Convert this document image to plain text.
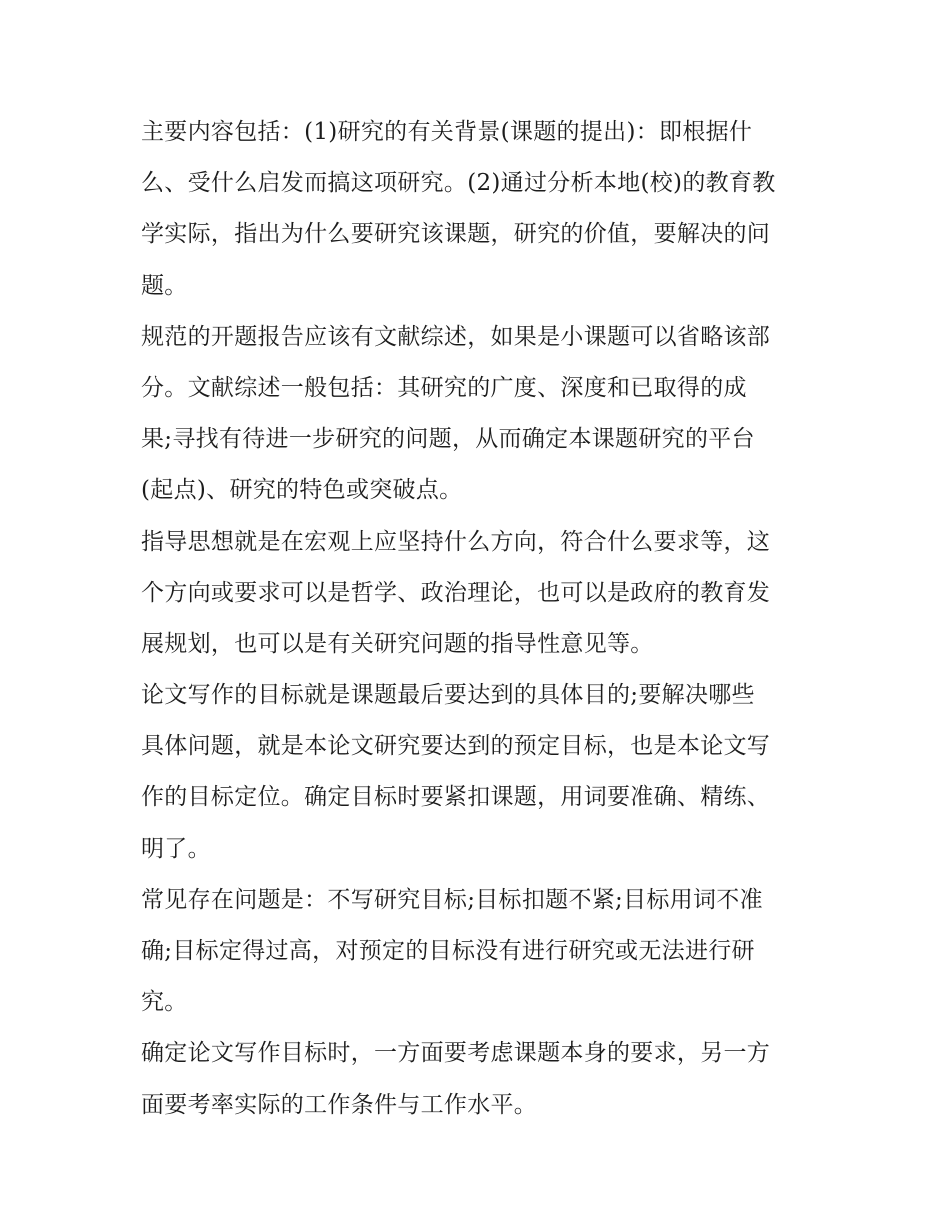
主要内容包括：(1)研究的有关背景(课题的提出)：即根据什
么、受什么启发而搞这项研究。(2)通过分析本地(校)的教育教
学实际，指出为什么要研究该课题，研究的价值，要解决的问
题。
规范的开题报告应该有文献综述，如果是小课题可以省略该部
分。文献综述一般包括：其研究的广度、深度和已取得的成
果;寻找有待进一步研究的问题，从而确定本课题研究的平台
(起点)、研究的特色或突破点。
指导思想就是在宏观上应坚持什么方向，符合什么要求等，这
个方向或要求可以是哲学、政治理论，也可以是政府的教育发
展规划，也可以是有关研究问题的指导性意见等。
论文写作的目标就是课题最后要达到的具体目的;要解决哪些
具体问题，就是本论文研究要达到的预定目标，也是本论文写
作的目标定位。确定目标时要紧扣课题，用词要准确、精练、
明了。
常见存在问题是：不写研究目标;目标扣题不紧;目标用词不准
确;目标定得过高，对预定的目标没有进行研究或无法进行研
究。
确定论文写作目标时，一方面要考虑课题本身的要求，另一方
面要考率实际的工作条件与工作水平。
